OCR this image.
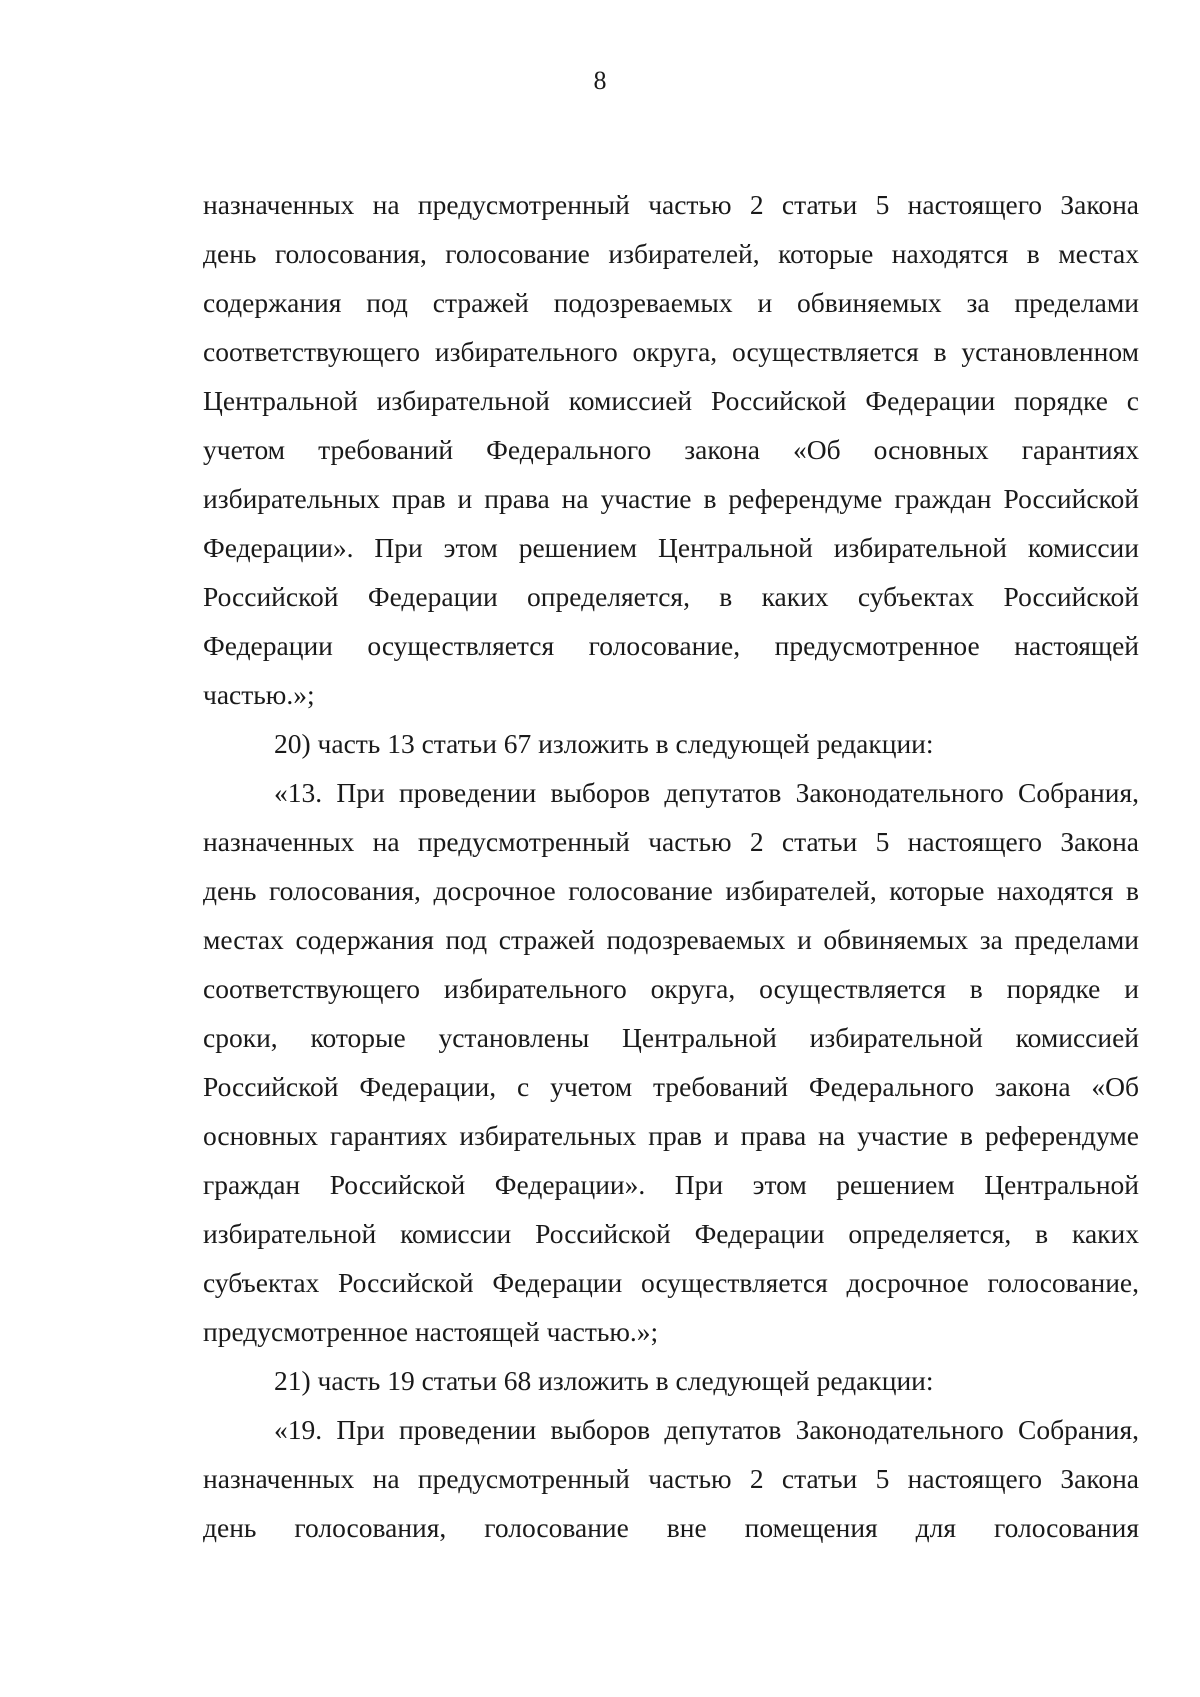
8
назначенных на предусмотренный частью 2 статьи 5 настоящего Закона
день голосования, голосование избирателей, которые находятся в местах
содержания под стражей подозреваемых и обвиняемых за пределами
соответствующего избирательного округа, осуществляется в установленном
Центральной избирательной комиссией Российской Федерации порядке с
учетом требований Федерального закона «Об основных гарантиях
избирательных прав и права на участие в референдуме граждан Российской
Федерации». При этом решением Центральной избирательной комиссии
Российской Федерации определяется, в каких субъектах Российской
Федерации осуществляется голосование, предусмотренное настоящей
частью.»;
20) часть 13 статьи 67 изложить в следующей редакции:
«13. При проведении выборов депутатов Законодательного Собрания,
назначенных на предусмотренный частью 2 статьи 5 настоящего Закона
день голосования, досрочное голосование избирателей, которые находятся в
местах содержания под стражей подозреваемых и обвиняемых за пределами
соответствующего избирательного округа, осуществляется в порядке и
сроки, которые установлены Центральной избирательной комиссией
Российской Федерации, с учетом требований Федерального закона «Об
основных гарантиях избирательных прав и права на участие в референдуме
граждан Российской Федерации». При этом решением Центральной
избирательной комиссии Российской Федерации определяется, в каких
субъектах Российской Федерации осуществляется досрочное голосование,
предусмотренное настоящей частью.»;
21) часть 19 статьи 68 изложить в следующей редакции:
«19. При проведении выборов депутатов Законодательного Собрания,
назначенных на предусмотренный частью 2 статьи 5 настоящего Закона
день голосования, голосование вне помещения для голосования
